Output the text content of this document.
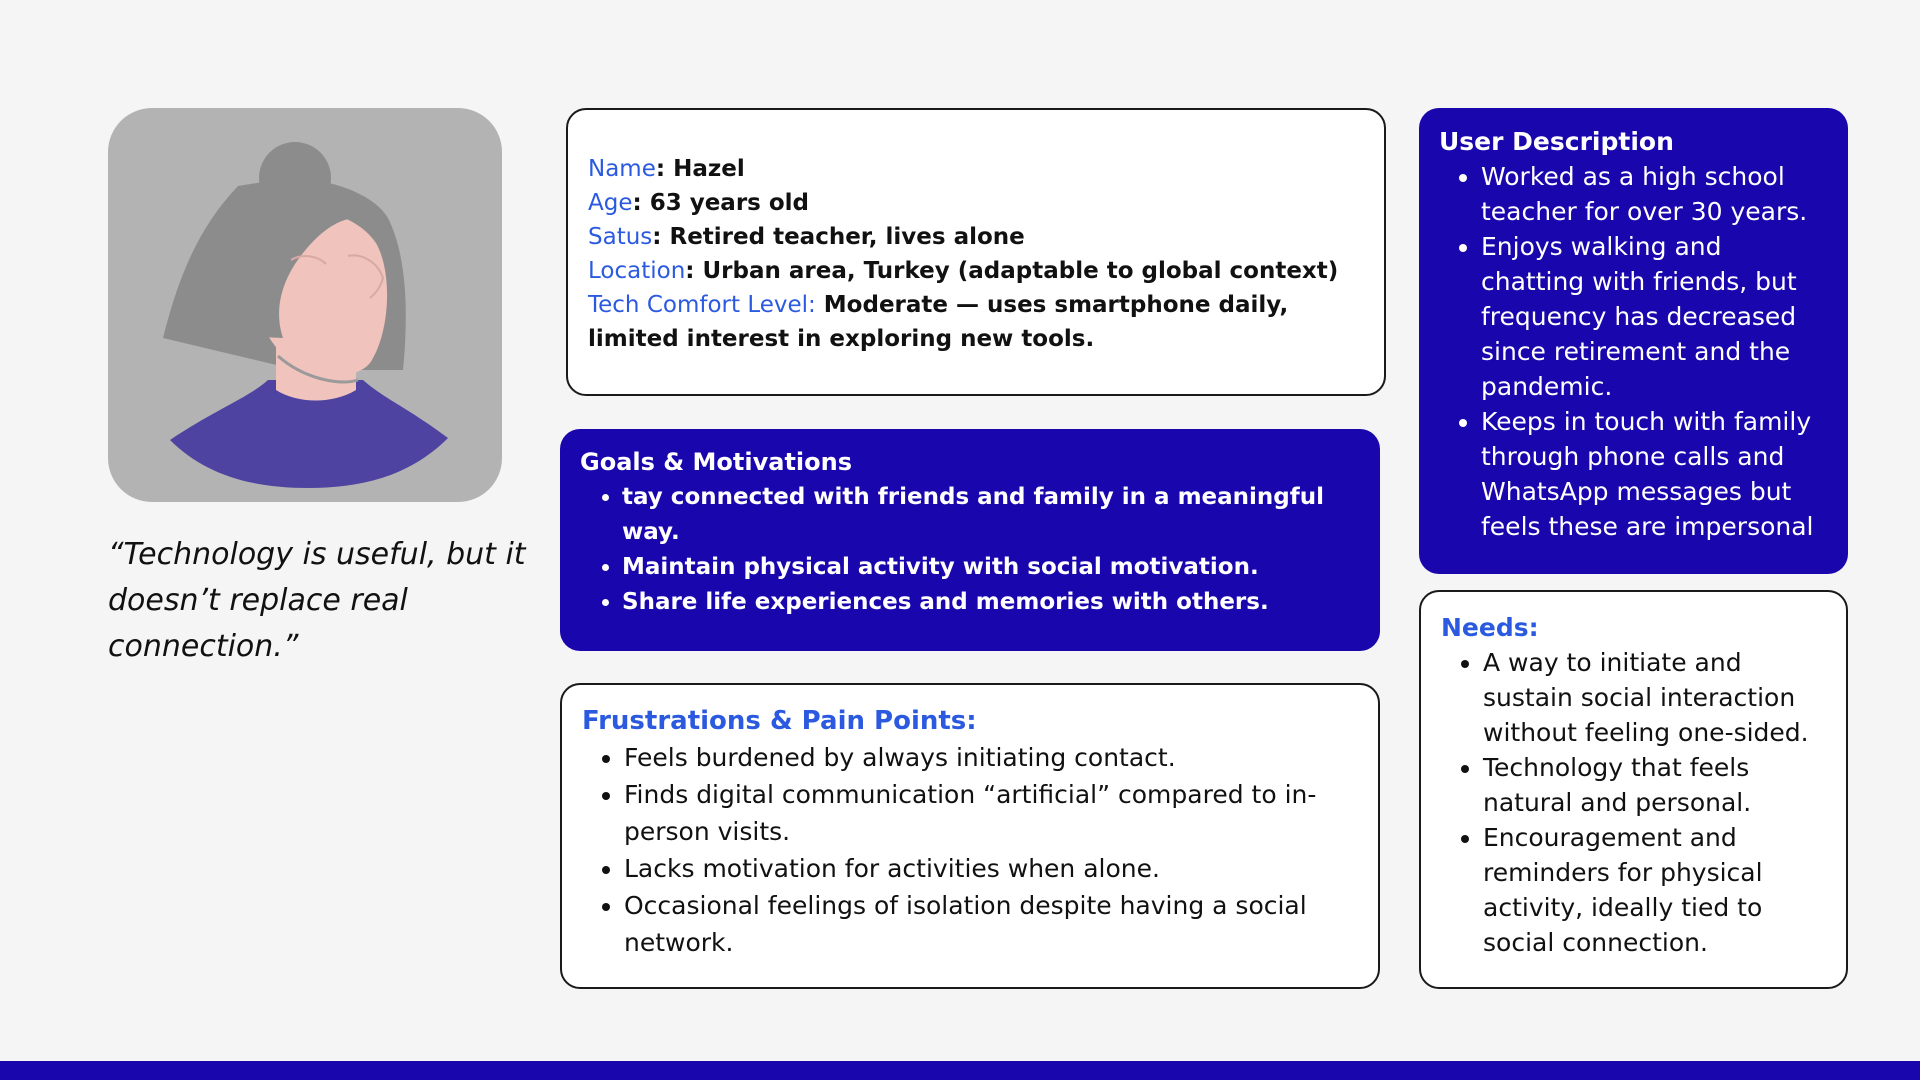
“Technology is useful, but it doesn’t replace real connection.”
Name: Hazel
Age: 63 years old
Satus: Retired teacher, lives alone
Location: Urban area, Turkey (adaptable to global context)
Tech Comfort Level: Moderate — uses smartphone daily, limited interest in exploring new tools.
Goals & Motivations
• tay connected with friends and family in a meaningful way.
• Maintain physical activity with social motivation.
• Share life experiences and memories with others.
Frustrations & Pain Points:
• Feels burdened by always initiating contact.
• Finds digital communication “artificial” compared to in-person visits.
• Lacks motivation for activities when alone.
• Occasional feelings of isolation despite having a social network.
User Description
• Worked as a high school teacher for over 30 years.
• Enjoys walking and chatting with friends, but frequency has decreased since retirement and the pandemic.
• Keeps in touch with family through phone calls and WhatsApp messages but feels these are impersonal
Needs:
• A way to initiate and sustain social interaction without feeling one-sided.
• Technology that feels natural and personal.
• Encouragement and reminders for physical activity, ideally tied to social connection.
